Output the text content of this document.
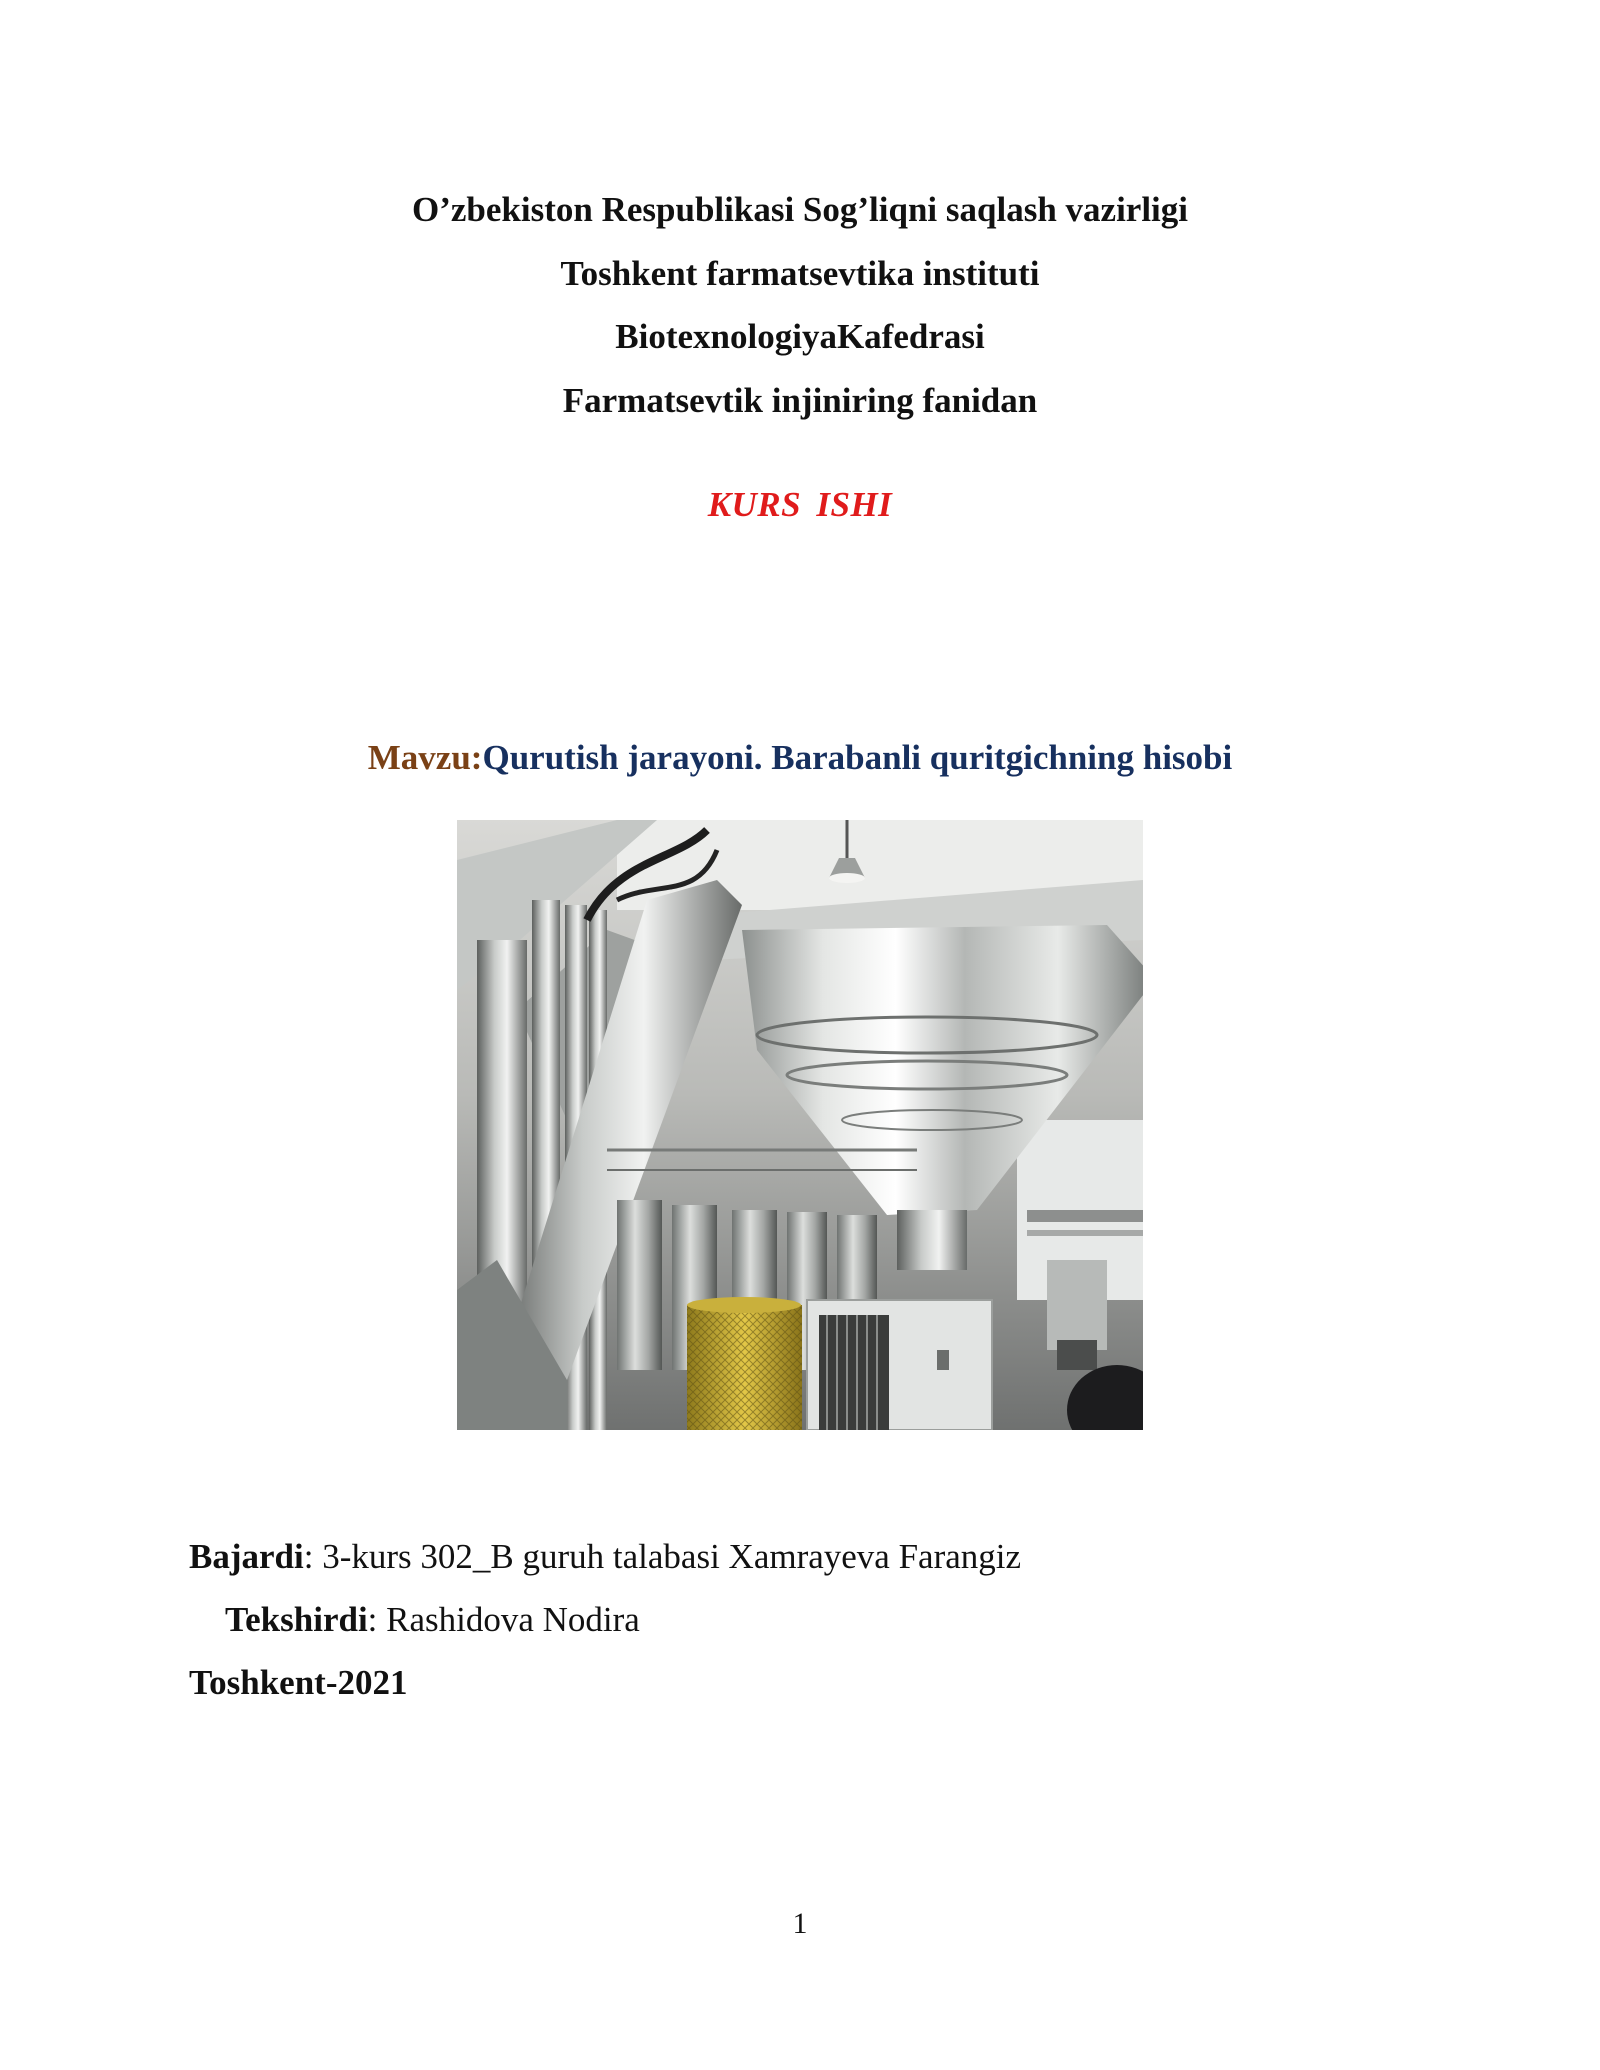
O’zbekiston Respublikasi Sog’liqni saqlash vazirligi
Toshkent farmatsevtika instituti
BiotexnologiyaKafedrasi
Farmatsevtik injiniring fanidan
KURS ISHI
Mavzu:Qurutish jarayoni. Barabanli quritgichning hisobi
Bajardi: 3-kurs 302_B guruh talabasi Xamrayeva Farangiz
Tekshirdi: Rashidova Nodira
Toshkent-2021
1
